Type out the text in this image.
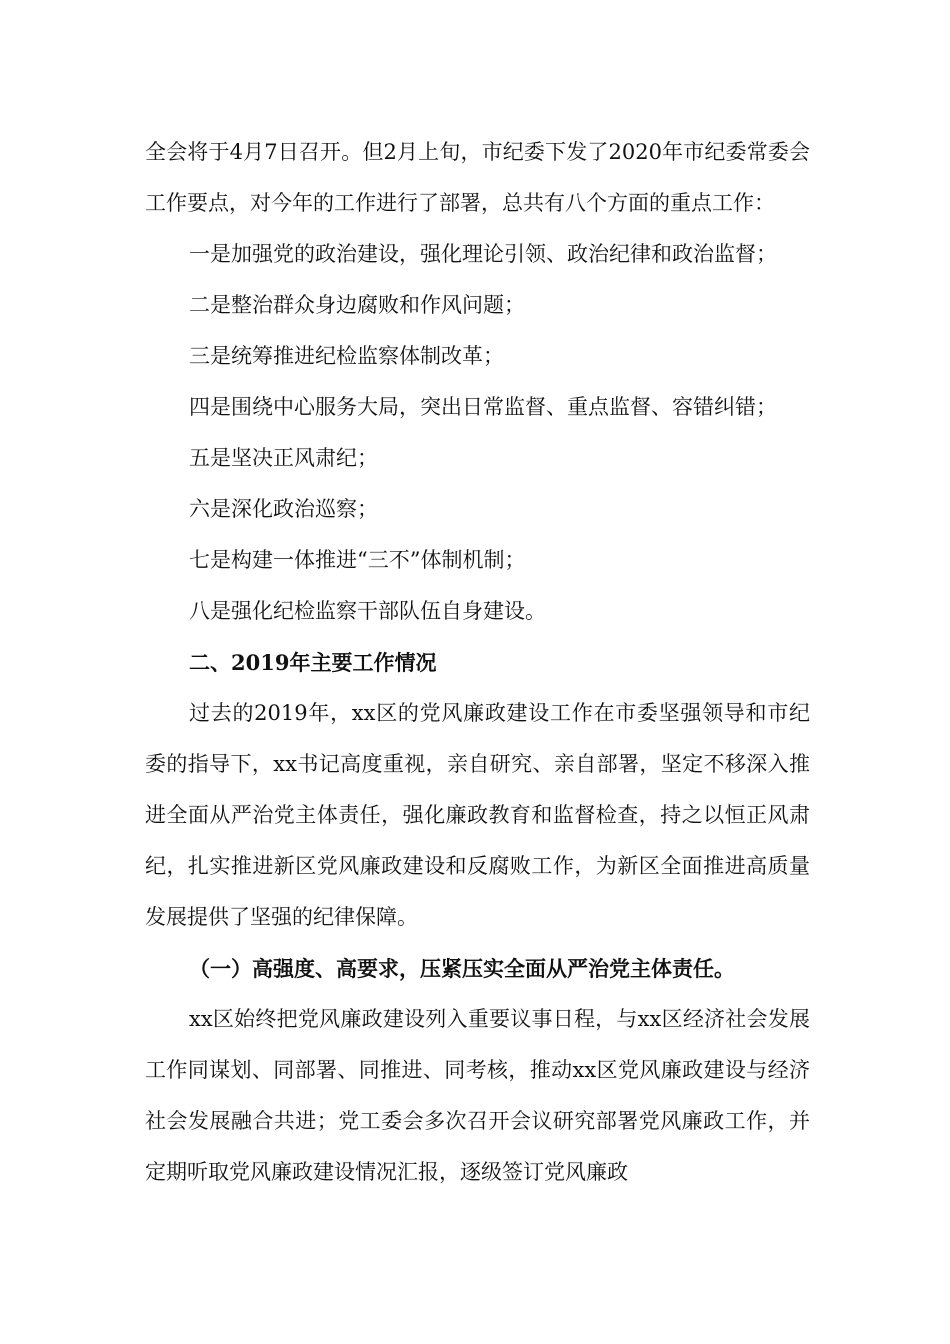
全会将于4月7日召开。但2月上旬，市纪委下发了2020年市纪委常委会工作要点，对今年的工作进行了部署，总共有八个方面的重点工作：

一是加强党的政治建设，强化理论引领、政治纪律和政治监督；

二是整治群众身边腐败和作风问题；

三是统筹推进纪检监察体制改革；

四是围绕中心服务大局，突出日常监督、重点监督、容错纠错；

五是坚决正风肃纪；

六是深化政治巡察；

七是构建一体推进“三不”体制机制；

八是强化纪检监察干部队伍自身建设。

二、2019年主要工作情况

过去的2019年，xx区的党风廉政建设工作在市委坚强领导和市纪委的指导下，xx书记高度重视，亲自研究、亲自部署，坚定不移深入推进全面从严治党主体责任，强化廉政教育和监督检查，持之以恒正风肃纪，扎实推进新区党风廉政建设和反腐败工作，为新区全面推进高质量发展提供了坚强的纪律保障。

（一）高强度、高要求，压紧压实全面从严治党主体责任。

xx区始终把党风廉政建设列入重要议事日程，与xx区经济社会发展工作同谋划、同部署、同推进、同考核，推动xx区党风廉政建设与经济社会发展融合共进；党工委会多次召开会议研究部署党风廉政工作，并定期听取党风廉政建设情况汇报，逐级签订党风廉政
